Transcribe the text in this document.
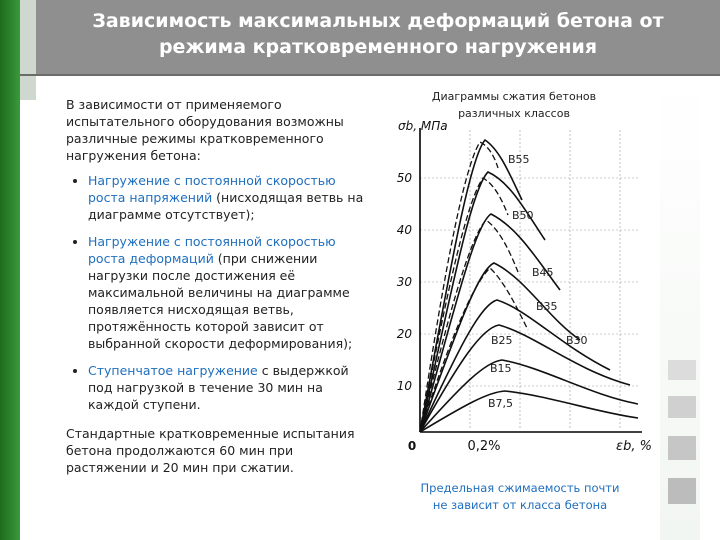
Зависимость максимальных деформаций бетона от
режима кратковременного нагружения

В зависимости от применяемого испытательного оборудования возможны различные режимы кратковременного нагружения бетона:

• Нагружение с постоянной скоростью роста напряжений (нисходящая ветвь на диаграмме отсутствует);
• Нагружение с постоянной скоростью роста деформаций (при снижении нагрузки после достижения её максимальной величины на диаграмме появляется нисходящая ветвь, протяжённость которой зависит от выбранной скорости деформирования);
• Ступенчатое нагружение с выдержкой под нагрузкой в течение 30 мин на каждой ступени.

Стандартные кратковременные испытания бетона продолжаются 60 мин при растяжении и 20 мин при сжатии.

Диаграммы сжатия бетонов
различных классов
σb, МПа
50
40
30
20
10
0	0,2%	εb, %
B55
B50
B45
B35
B25	B30
B15
B7,5
Предельная сжимаемость почти
не зависит от класса бетона
